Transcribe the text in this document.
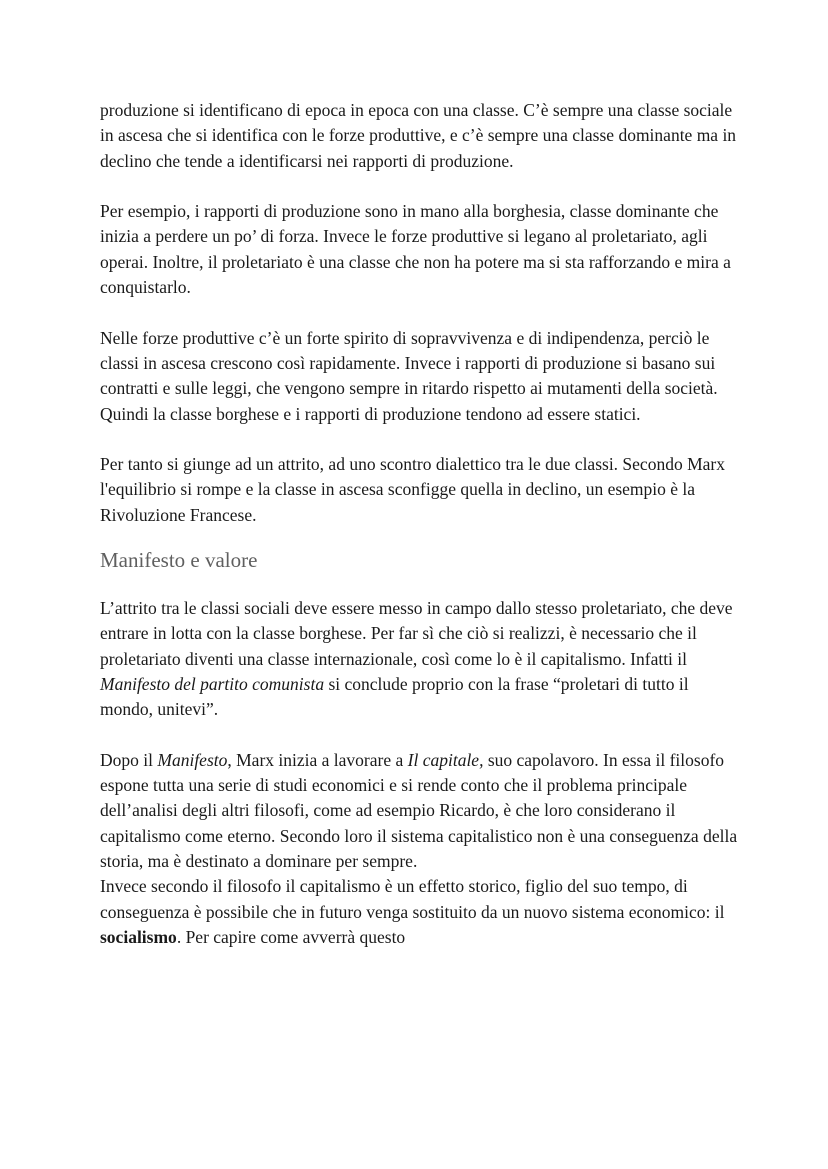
produzione si identificano di epoca in epoca con una classe. C’è sempre una classe sociale in ascesa che si identifica con le forze produttive, e c’è sempre una classe dominante ma in declino che tende a identificarsi nei rapporti di produzione.

Per esempio, i rapporti di produzione sono in mano alla borghesia, classe dominante che inizia a perdere un po’ di forza. Invece le forze produttive si legano al proletariato, agli operai. Inoltre, il proletariato è una classe che non ha potere ma si sta rafforzando e mira a conquistarlo.

Nelle forze produttive c’è un forte spirito di sopravvivenza e di indipendenza, perciò le classi in ascesa crescono così rapidamente. Invece i rapporti di produzione si basano sui contratti e sulle leggi, che vengono sempre in ritardo rispetto ai mutamenti della società. Quindi la classe borghese e i rapporti di produzione tendono ad essere statici.

Per tanto si giunge ad un attrito, ad uno scontro dialettico tra le due classi. Secondo Marx l'equilibrio si rompe e la classe in ascesa sconfigge quella in declino, un esempio è la Rivoluzione Francese.

Manifesto e valore

L’attrito tra le classi sociali deve essere messo in campo dallo stesso proletariato, che deve entrare in lotta con la classe borghese. Per far sì che ciò si realizzi, è necessario che il proletariato diventi una classe internazionale, così come lo è il capitalismo. Infatti il Manifesto del partito comunista si conclude proprio con la frase “proletari di tutto il mondo, unitevi”.

Dopo il Manifesto, Marx inizia a lavorare a Il capitale, suo capolavoro. In essa il filosofo espone tutta una serie di studi economici e si rende conto che il problema principale dell’analisi degli altri filosofi, come ad esempio Ricardo, è che loro considerano il capitalismo come eterno. Secondo loro il sistema capitalistico non è una conseguenza della storia, ma è destinato a dominare per sempre.

Invece secondo il filosofo il capitalismo è un effetto storico, figlio del suo tempo, di conseguenza è possibile che in futuro venga sostituito da un nuovo sistema economico: il socialismo. Per capire come avverrà questo
